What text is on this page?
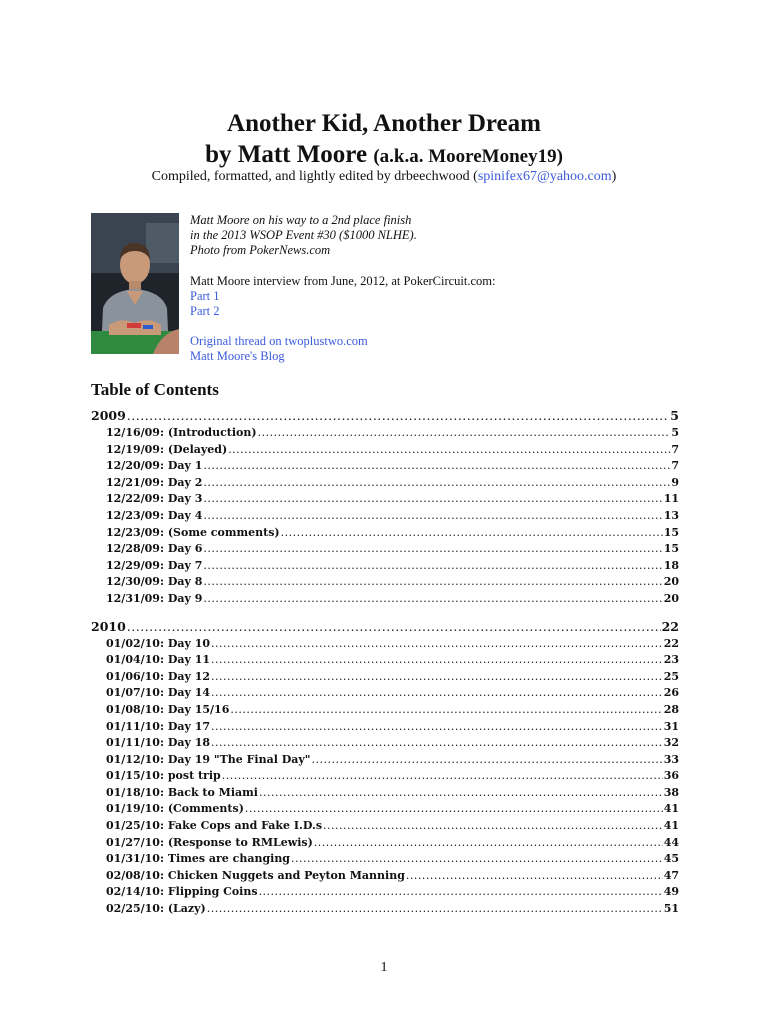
Another Kid, Another Dream
by Matt Moore (a.k.a. MooreMoney19)
Compiled, formatted, and lightly edited by drbeechwood (spinifex67@yahoo.com)
Matt Moore on his way to a 2nd place finish
in the 2013 WSOP Event #30 ($1000 NLHE).
Photo from PokerNews.com
Matt Moore interview from June, 2012, at PokerCircuit.com:
Part 1
Part 2
Original thread on twoplustwo.com
Matt Moore's Blog
Table of Contents
2009 .....	5
12/16/09: (Introduction) .....	5
12/19/09: (Delayed) .....	7
12/20/09: Day 1 .....	7
12/21/09: Day 2 .....	9
12/22/09: Day 3 .....	11
12/23/09: Day 4 .....	13
12/23/09: (Some comments) .....	15
12/28/09: Day 6 .....	15
12/29/09: Day 7 .....	18
12/30/09: Day 8 .....	20
12/31/09: Day 9 .....	20
2010 .....	22
01/02/10: Day 10 .....	22
01/04/10: Day 11 .....	23
01/06/10: Day 12 .....	25
01/07/10: Day 14 .....	26
01/08/10: Day 15/16 .....	28
01/11/10: Day 17 .....	31
01/11/10: Day 18 .....	32
01/12/10: Day 19 "The Final Day" .....	33
01/15/10: post trip .....	36
01/18/10: Back to Miami .....	38
01/19/10: (Comments) .....	41
01/25/10: Fake Cops and Fake I.D.s .....	41
01/27/10: (Response to RMLewis) .....	44
01/31/10: Times are changing .....	45
02/08/10: Chicken Nuggets and Peyton Manning .....	47
02/14/10: Flipping Coins .....	49
02/25/10: (Lazy) .....	51
1
